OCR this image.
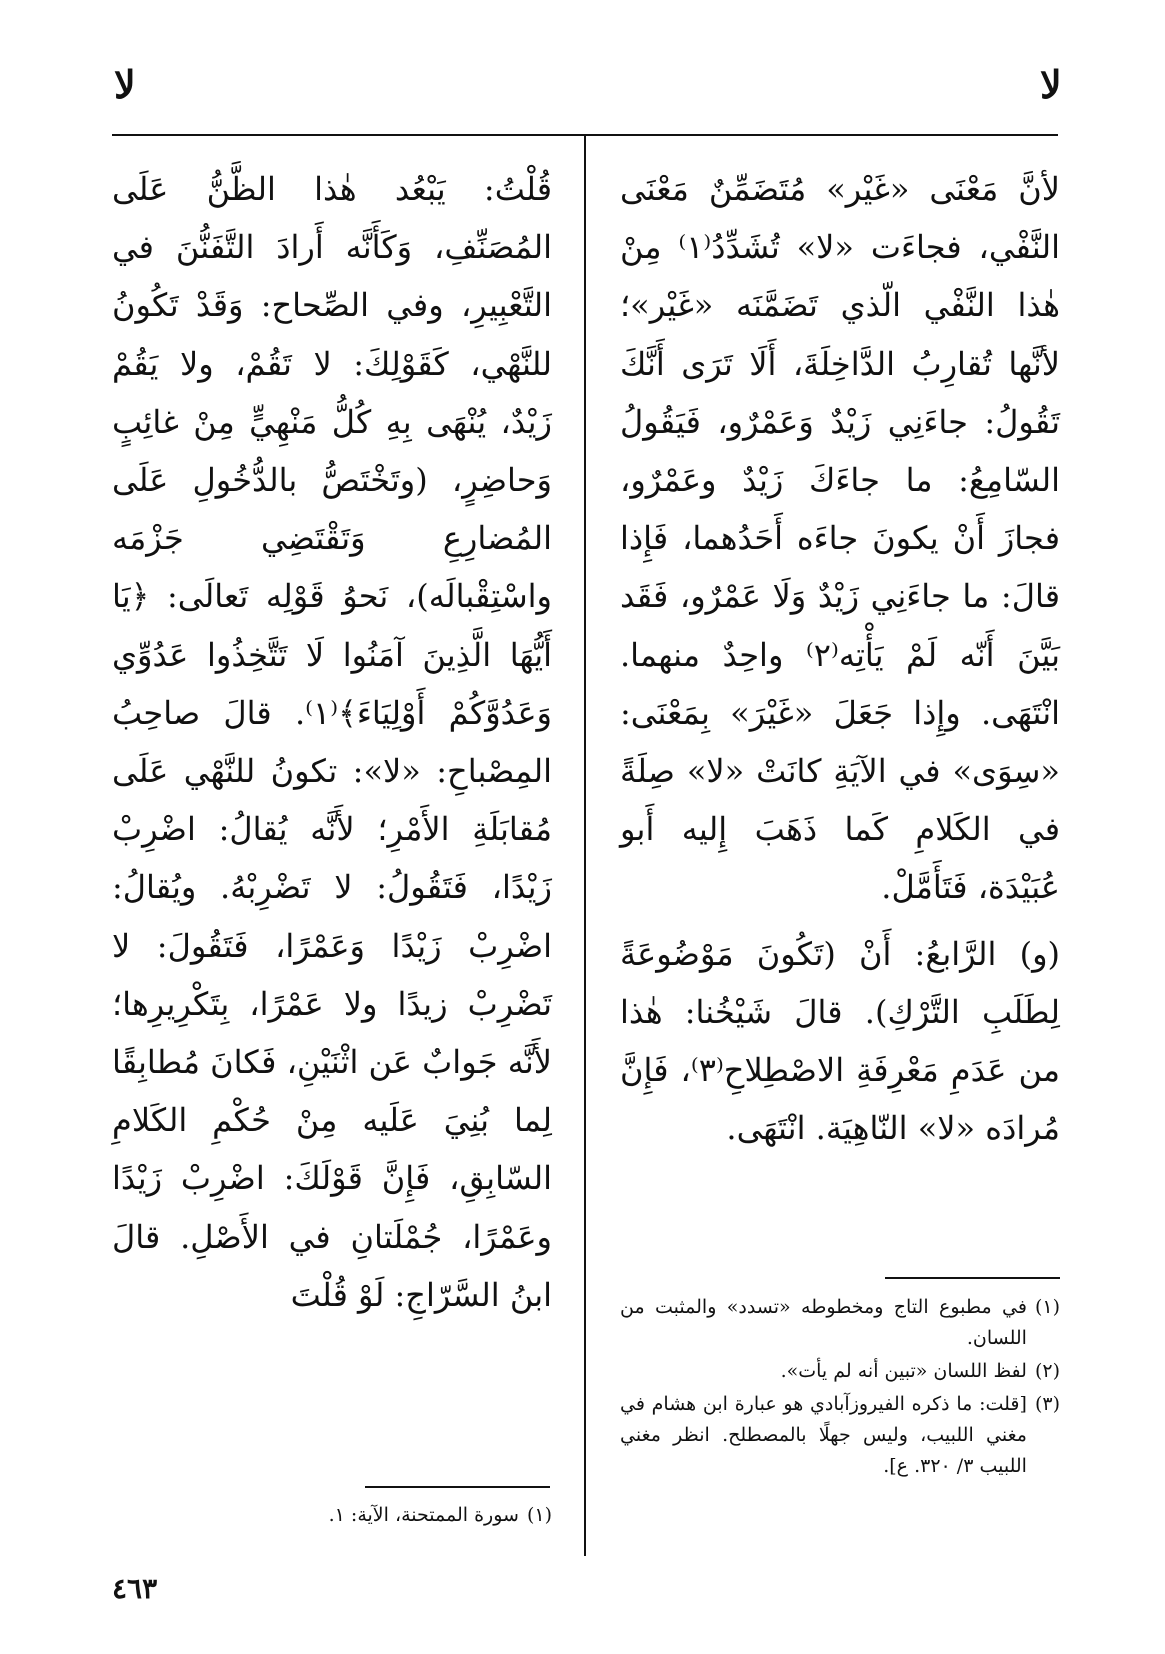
لا
لا

لأنَّ مَعْنَى «غَيْر» مُتَضَمِّنٌ مَعْنَى النَّفْي، فجاءَت «لا» تُشَدِّدُ⁽١⁾ مِنْ هٰذا النَّفْي الّذي تَضَمَّنَه «غَيْر»؛ لأنَّها تُقارِبُ الدَّاخِلَةَ، أَلَا تَرَى أَنَّكَ تَقُولُ: جاءَنِي زَيْدٌ وَعَمْرٌو، فَيَقُولُ السّامِعُ: ما جاءَكَ زَيْدٌ وعَمْرٌو، فجازَ أَنْ يكونَ جاءَه أَحَدُهما، فَإِذا قالَ: ما جاءَنِي زَيْدٌ وَلَا عَمْرٌو، فَقَد بَيَّنَ أَنّه لَمْ يَأْتِه⁽٢⁾ واحِدٌ منهما. انْتَهَى. وإِذا جَعَلَ «غَيْرَ» بِمَعْنَى: «سِوَى» في الآيَةِ كانَتْ «لا» صِلَةً في الكَلامِ كَما ذَهَبَ إِليه أَبو عُبَيْدَة، فَتَأَمَّلْ.

(و) الرَّابعُ: أَنْ (تَكُونَ مَوْضُوعَةً لِطَلَبِ التَّرْكِ). قالَ شَيْخُنا: هٰذا من عَدَمِ مَعْرِفَةِ الاصْطِلاحِ⁽٣⁾، فَإِنَّ مُرادَه «لا» النّاهِيَة. انْتَهَى.

قُلْتُ: يَبْعُد هٰذا الظَّنُّ عَلَى المُصَنِّفِ، وَكَأَنَّه أَرادَ التَّفَنُّنَ في التَّعْبِيرِ، وفي الصِّحاح: وَقَدْ تَكُونُ للنَّهْي، كَقَوْلِكَ: لا تَقُمْ، ولا يَقُمْ زَيْدٌ، يُنْهَى بِهِ كُلُّ مَنْهِيٍّ مِنْ غائِبٍ وَحاضِرٍ، (وتَخْتَصُّ بالدُّخُولِ عَلَى المُضارِعِ وَتَقْتَضِي جَزْمَه واسْتِقْبالَه)، نَحوُ قَوْلِه تَعالَى: ﴿يَا أَيُّهَا الَّذِينَ آمَنُوا لَا تَتَّخِذُوا عَدُوِّي وَعَدُوَّكُمْ أَوْلِيَاءَ﴾⁽١⁾. قالَ صاحِبُ المِصْباحِ: «لا»: تكونُ للنَّهْي عَلَى مُقابَلَةِ الأَمْرِ؛ لأَنَّه يُقالُ: اضْرِبْ زَيْدًا، فَتَقُولُ: لا تَضْرِبْهُ. ويُقالُ: اضْرِبْ زَيْدًا وَعَمْرًا، فَتَقُولَ: لا تَضْرِبْ زيدًا ولا عَمْرًا، بِتَكْرِيرِها؛ لأَنَّه جَوابٌ عَن اثْنَيْنِ، فَكانَ مُطابِقًا لِما بُنِيَ عَلَيه مِنْ حُكْمِ الكَلامِ السّابِقِ، فَإِنَّ قَوْلَكَ: اضْرِبْ زَيْدًا وعَمْرًا، جُمْلَتانِ في الأَصْلِ. قالَ ابنُ السَّرّاجِ: لَوْ قُلْتَ	(١)
في مطبوع التاج ومخطوطه «تسدد» والمثبت من اللسان.
(٢)
لفظ اللسان «تبين أنه لم يأت».
(٣)
[قلت: ما ذكره الفيروزآبادي هو عبارة ابن هشام في مغني اللبيب، وليس جهلًا بالمصطلح. انظر مغني اللبيب ٣/ ٣٢٠. ع].
(١)
سورة الممتحنة، الآية: ١.
٤٦٣
